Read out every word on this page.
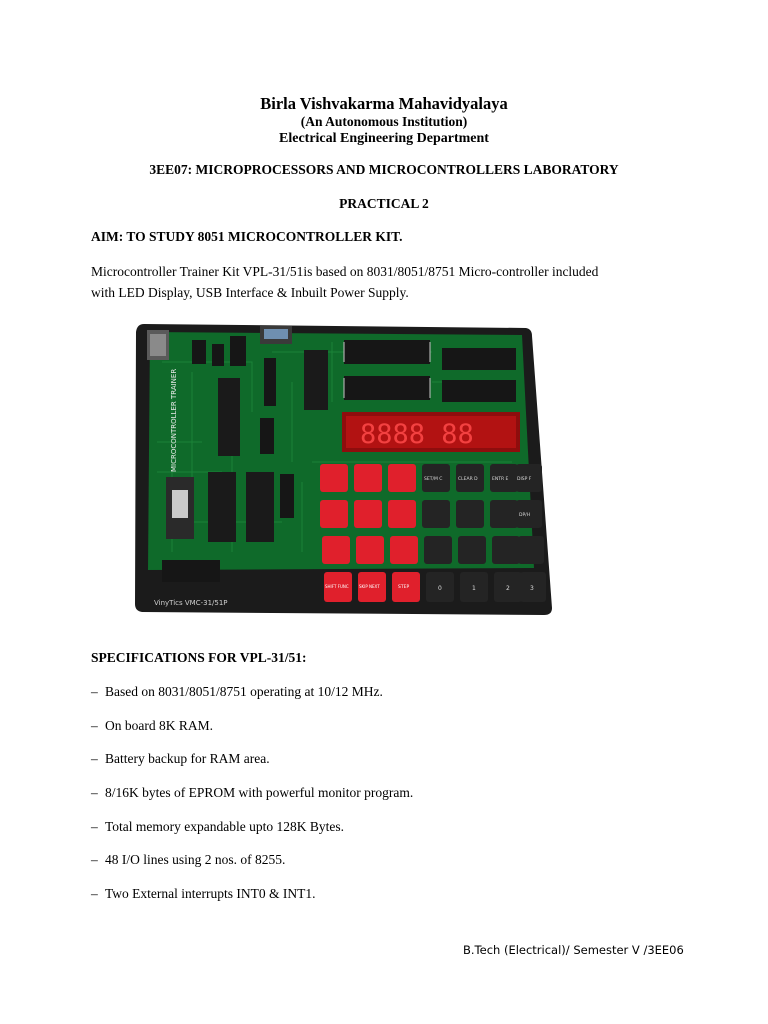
Birla Vishvakarma Mahavidyalaya
(An Autonomous Institution)
Electrical Engineering Department
3EE07: MICROPROCESSORS AND MICROCONTROLLERS LABORATORY
PRACTICAL 2
AIM: TO STUDY 8051 MICROCONTROLLER KIT.
Microcontroller Trainer Kit VPL-31/51is based on 8031/8051/8751 Micro-controller included
with LED Display, USB Interface & Inbuilt Power Supply.
MICROCONTROLLER TRAINER	8888 88
SET/M C	CLEAR D	ENTR E DISP F
DP/H
SHIFT FUNC	SKIP NEXT	STEP	0	1	2	3
VinyTics VMC-31/51P
SPECIFICATIONS FOR VPL-31/51:
– Based on 8031/8051/8751 operating at 10/12 MHz.
– On board 8K RAM.
– Battery backup for RAM area.
– 8/16K bytes of EPROM with powerful monitor program.
– Total memory expandable upto 128K Bytes.
– 48 I/O lines using 2 nos. of 8255.
– Two External interrupts INT0 & INT1.
B.Tech (Electrical)/ Semester V /3EE06
